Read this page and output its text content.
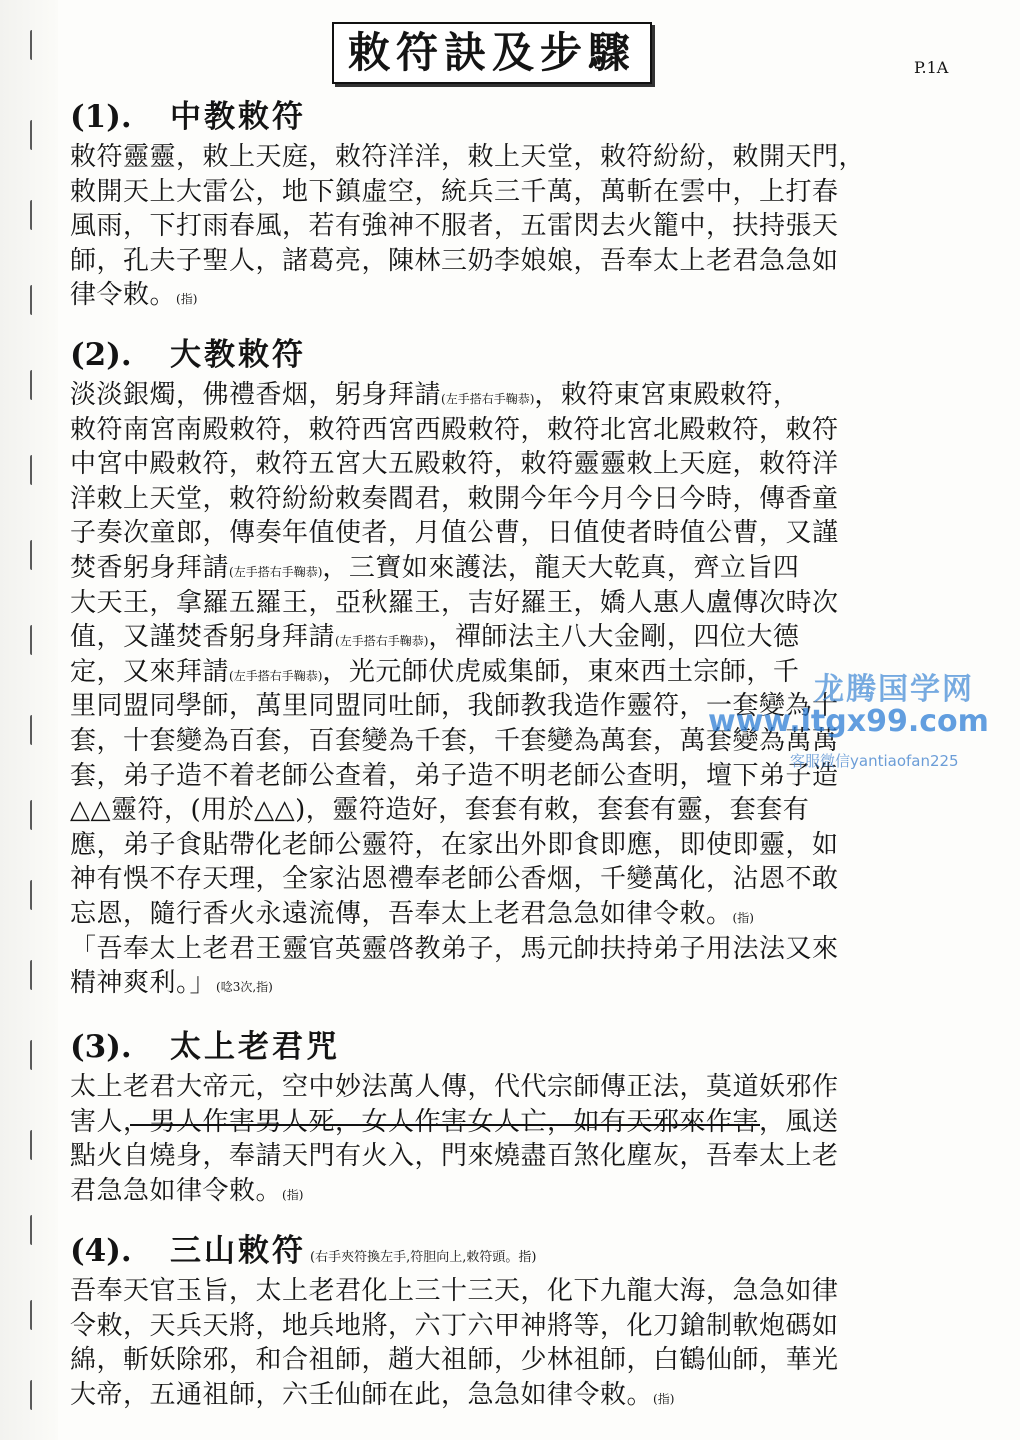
敕符訣及步驟	P.1A
(1). 中教敕符
敕符靈靈，敕上天庭，敕符洋洋，敕上天堂，敕符紛紛，敕開天門，
敕開天上大雷公，地下鎮虛空，統兵三千萬，萬斬在雲中，上打春
風雨，下打雨春風，若有強神不服者，五雷閃去火籠中，扶持張天
師，孔夫子聖人，諸葛亮，陳林三奶李娘娘，吾奉太上老君急急如
律令敕。(指)
(2). 大教敕符
淡淡銀燭，佛禮香烟，躬身拜請(左手搭右手鞠恭)，敕符東宮東殿敕符，
敕符南宮南殿敕符，敕符西宮西殿敕符，敕符北宮北殿敕符，敕符
中宮中殿敕符，敕符五宮大五殿敕符，敕符靈靈敕上天庭，敕符洋
洋敕上天堂，敕符紛紛敕奏閻君，敕開今年今月今日今時，傳香童
子奏次童郎，傳奏年值使者，月值公曹，日值使者時值公曹，又謹
焚香躬身拜請(左手搭右手鞠恭)，三寶如來護法，龍天大乾真，齊立旨四
大天王，拿羅五羅王，亞秋羅王，吉好羅王，嬌人惠人盧傳次時次
值，又謹焚香躬身拜請(左手搭右手鞠恭)，禪師法主八大金剛，四位大德
定，又來拜請(左手搭右手鞠恭)，光元師伏虎威集師，東來西土宗師，千
里同盟同學師，萬里同盟同吐師，我師教我造作靈符，一套變為十
套，十套變為百套，百套變為千套，千套變為萬套，萬套變為萬萬
套，弟子造不着老師公查着，弟子造不明老師公查明，壇下弟子造
△△靈符，(用於△△)，靈符造好，套套有敕，套套有靈，套套有
應，弟子食貼帶化老師公靈符，在家出外即食即應，即使即靈，如
神有悞不存天理，全家沾恩禮奉老師公香烟，千變萬化，沾恩不敢
忘恩，隨行香火永遠流傳，吾奉太上老君急急如律令敕。(指)
「吾奉太上老君王靈官英靈啓教弟子，馬元帥扶持弟子用法法又來
精神爽利。」(唸3次,指)
(3). 太上老君咒
太上老君大帝元，空中妙法萬人傳，代代宗師傳正法，莫道妖邪作
害人，男人作害男人死，女人作害女人亡，如有天邪來作害，風送
點火自燒身，奉請天門有火入，門來燒盡百煞化塵灰，吾奉太上老
君急急如律令敕。(指)
(4). 三山敕符 (右手夾符換左手,符胆向上,敕符頭。指)
吾奉天官玉旨，太上老君化上三十三天，化下九龍大海，急急如律
令敕，天兵天將，地兵地將，六丁六甲神將等，化刀鎗制軟炮碼如
綿，斬妖除邪，和合祖師，趙大祖師，少林祖師，白鶴仙師，華光
大帝，五通祖師，六壬仙師在此，急急如律令敕。(指)
龙腾国学网
www.ltgx99.com
客服微信yantiaofan225
